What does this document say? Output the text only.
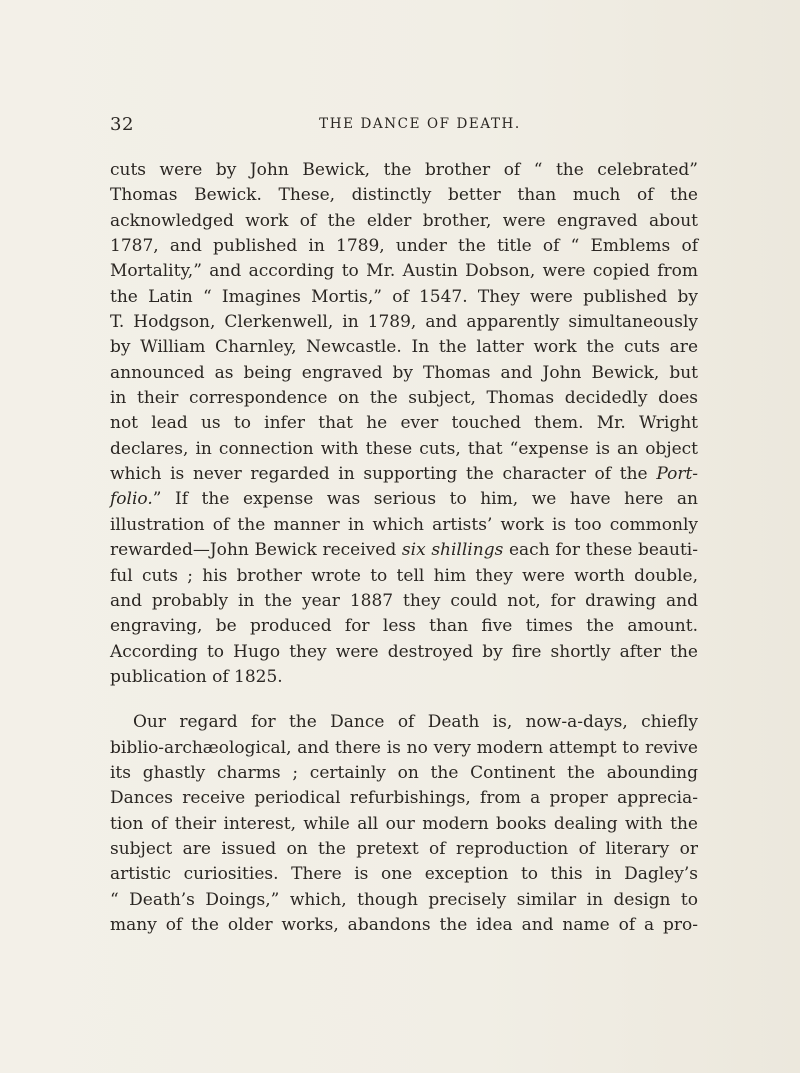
32	THE DANCE OF DEATH.

cuts were by John Bewick, the brother of “ the celebrated”
Thomas Bewick. These, distinctly better than much of the
acknowledged work of the elder brother, were engraved about
1787, and published in 1789, under the title of “ Emblems of
Mortality,” and according to Mr. Austin Dobson, were copied from
the Latin “ Imagines Mortis,” of 1547. They were published by
T. Hodgson, Clerkenwell, in 1789, and apparently simultaneously
by William Charnley, Newcastle. In the latter work the cuts are
announced as being engraved by Thomas and John Bewick, but
in their correspondence on the subject, Thomas decidedly does
not lead us to infer that he ever touched them. Mr. Wright
declares, in connection with these cuts, that “expense is an object
which is never regarded in supporting the character of the Port-
folio.” If the expense was serious to him, we have here an
illustration of the manner in which artists’ work is too commonly
rewarded—John Bewick received six shillings each for these beauti-
ful cuts ; his brother wrote to tell him they were worth double,
and probably in the year 1887 they could not, for drawing and
engraving, be produced for less than five times the amount.
According to Hugo they were destroyed by fire shortly after the
publication of 1825.

Our regard for the Dance of Death is, now-a-days, chiefly
biblio-archæological, and there is no very modern attempt to revive
its ghastly charms ; certainly on the Continent the abounding
Dances receive periodical refurbishings, from a proper apprecia-
tion of their interest, while all our modern books dealing with the
subject are issued on the pretext of reproduction of literary or
artistic curiosities. There is one exception to this in Dagley’s
“ Death’s Doings,” which, though precisely similar in design to
many of the older works, abandons the idea and name of a pro-
